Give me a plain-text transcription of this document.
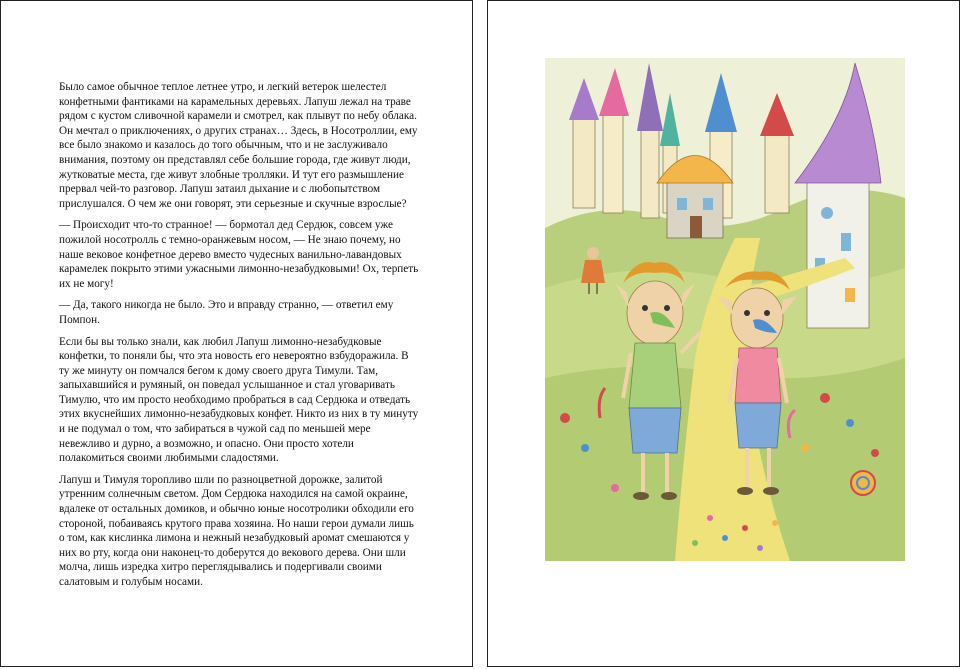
Было самое обычное теплое летнее утро, и легкий ветерок шелестел конфетными фантиками на карамельных деревьях. Лапуш лежал на траве рядом с кустом сливочной карамели и смотрел, как плывут по небу облака. Он мечтал о приключениях, о других странах… Здесь, в Носотроллии, ему все было знакомо и казалось до того обычным, что и не заслуживало внимания, поэтому он представлял себе большие города, где живут люди, жутковатые места, где живут злобные тролляки. И тут его размышление прервал чей-то разговор. Лапуш затаил дыхание и с любопытством прислушался. О чем же они говорят, эти серьезные и скучные взрослые?

— Происходит что-то странное! — бормотал дед Сердюк, совсем уже пожилой носотролль с темно-оранжевым носом, — Не знаю почему, но наше вековое конфетное дерево вместо чудесных ванильно-лавандовых карамелек покрыто этими ужасными лимонно-незабудковыми! Ох, терпеть их не могу!

— Да, такого никогда не было. Это и вправду странно, — ответил ему Помпон.

Если бы вы только знали, как любил Лапуш лимонно-незабудковые конфетки, то поняли бы, что эта новость его невероятно взбудоражила. В ту же минуту он помчался бегом к дому своего друга Тимули. Там, запыхавшийся и румяный, он поведал услышанное и стал уговаривать Тимулю, что им просто необходимо пробраться в сад Сердюка и отведать этих вкуснейших лимонно-незабудковых конфет. Никто из них в ту минуту и не подумал о том, что забираться в чужой сад по меньшей мере невежливо и дурно, а возможно, и опасно. Они просто хотели полакомиться своими любимыми сладостями.

Лапуш и Тимуля торопливо шли по разноцветной дорожке, залитой утренним солнечным светом. Дом Сердюка находился на самой окраине, вдалеке от остальных домиков, и обычно юные носотролики обходили его стороной, побаиваясь крутого права хозяина. Но наши герои думали лишь о том, как кислинка лимона и нежный незабудковый аромат смешаются у них во рту, когда они наконец-то доберутся до векового дерева. Они шли молча, лишь изредка хитро переглядывались и подергивали своими салатовым и голубым носами.
